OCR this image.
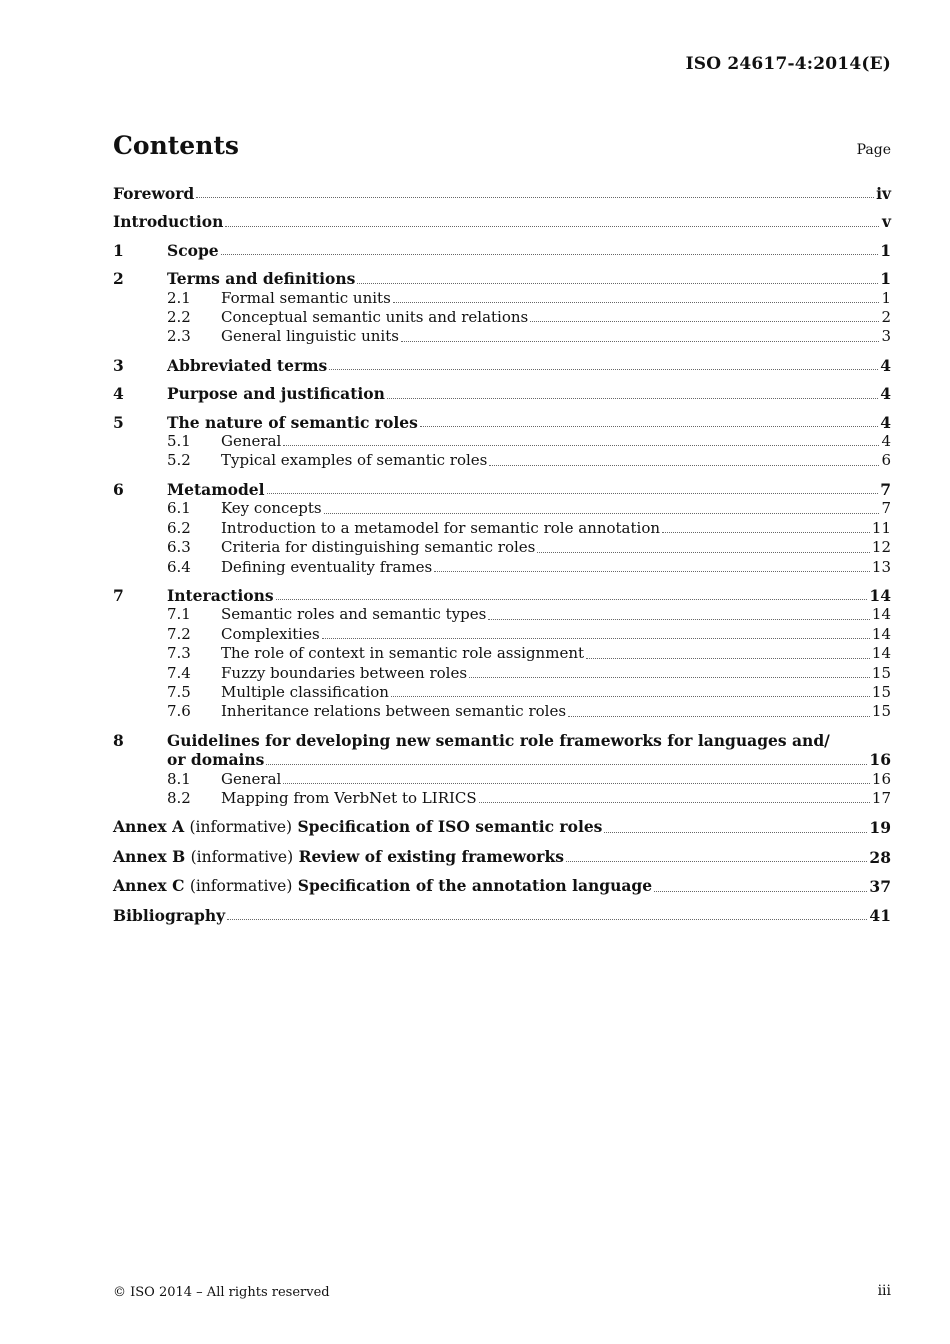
ISO 24617-4:2014(E)
Contents	Page
Foreword	iv
Introduction	v
1	Scope	1
2	Terms and definitions	1
2.1	Formal semantic units	1
2.2	Conceptual semantic units and relations	2
2.3	General linguistic units	3
3	Abbreviated terms	4
4	Purpose and justification	4
5	The nature of semantic roles	4
5.1	General	4
5.2	Typical examples of semantic roles	6
6	Metamodel	7
6.1	Key concepts	7
6.2	Introduction to a metamodel for semantic role annotation	11
6.3	Criteria for distinguishing semantic roles	12
6.4	Defining eventuality frames	13
7	Interactions	14
7.1	Semantic roles and semantic types	14
7.2	Complexities	14
7.3	The role of context in semantic role assignment	14
7.4	Fuzzy boundaries between roles	15
7.5	Multiple classification	15
7.6	Inheritance relations between semantic roles	15
8	Guidelines for developing new semantic role frameworks for languages and/
or domains	16
8.1	General	16
8.2	Mapping from VerbNet to LIRICS	17
Annex A (informative) Specification of ISO semantic roles	19
Annex B (informative) Review of existing frameworks	28
Annex C (informative) Specification of the annotation language	37
Bibliography	41
© ISO 2014 – All rights reserved	iii
